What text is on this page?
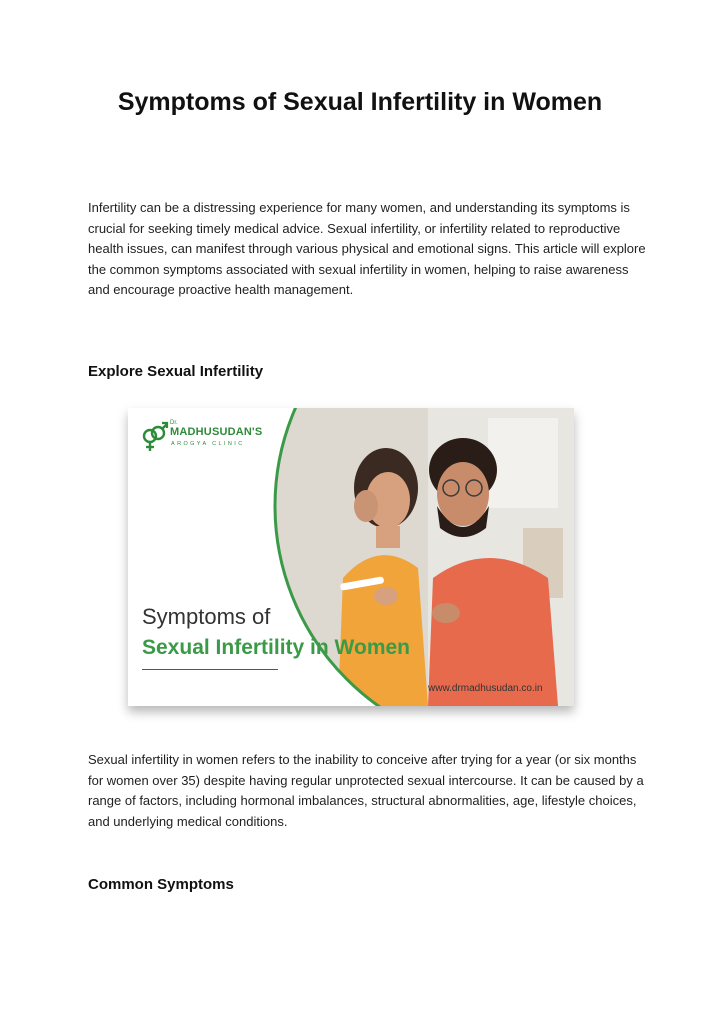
Symptoms of Sexual Infertility in Women

Infertility can be a distressing experience for many women, and understanding its symptoms is crucial for seeking timely medical advice. Sexual infertility, or infertility related to reproductive health issues, can manifest through various physical and emotional signs. This article will explore the common symptoms associated with sexual infertility in women, helping to raise awareness and encourage proactive health management.

Explore Sexual Infertility
Dr.
MADHUSUDAN'S
AROGYA CLINIC
Symptoms of
Sexual Infertility in Women
www.drmadhusudan.co.in

Sexual infertility in women refers to the inability to conceive after trying for a year (or six months for women over 35) despite having regular unprotected sexual intercourse. It can be caused by a range of factors, including hormonal imbalances, structural abnormalities, age, lifestyle choices, and underlying medical conditions.

Common Symptoms
